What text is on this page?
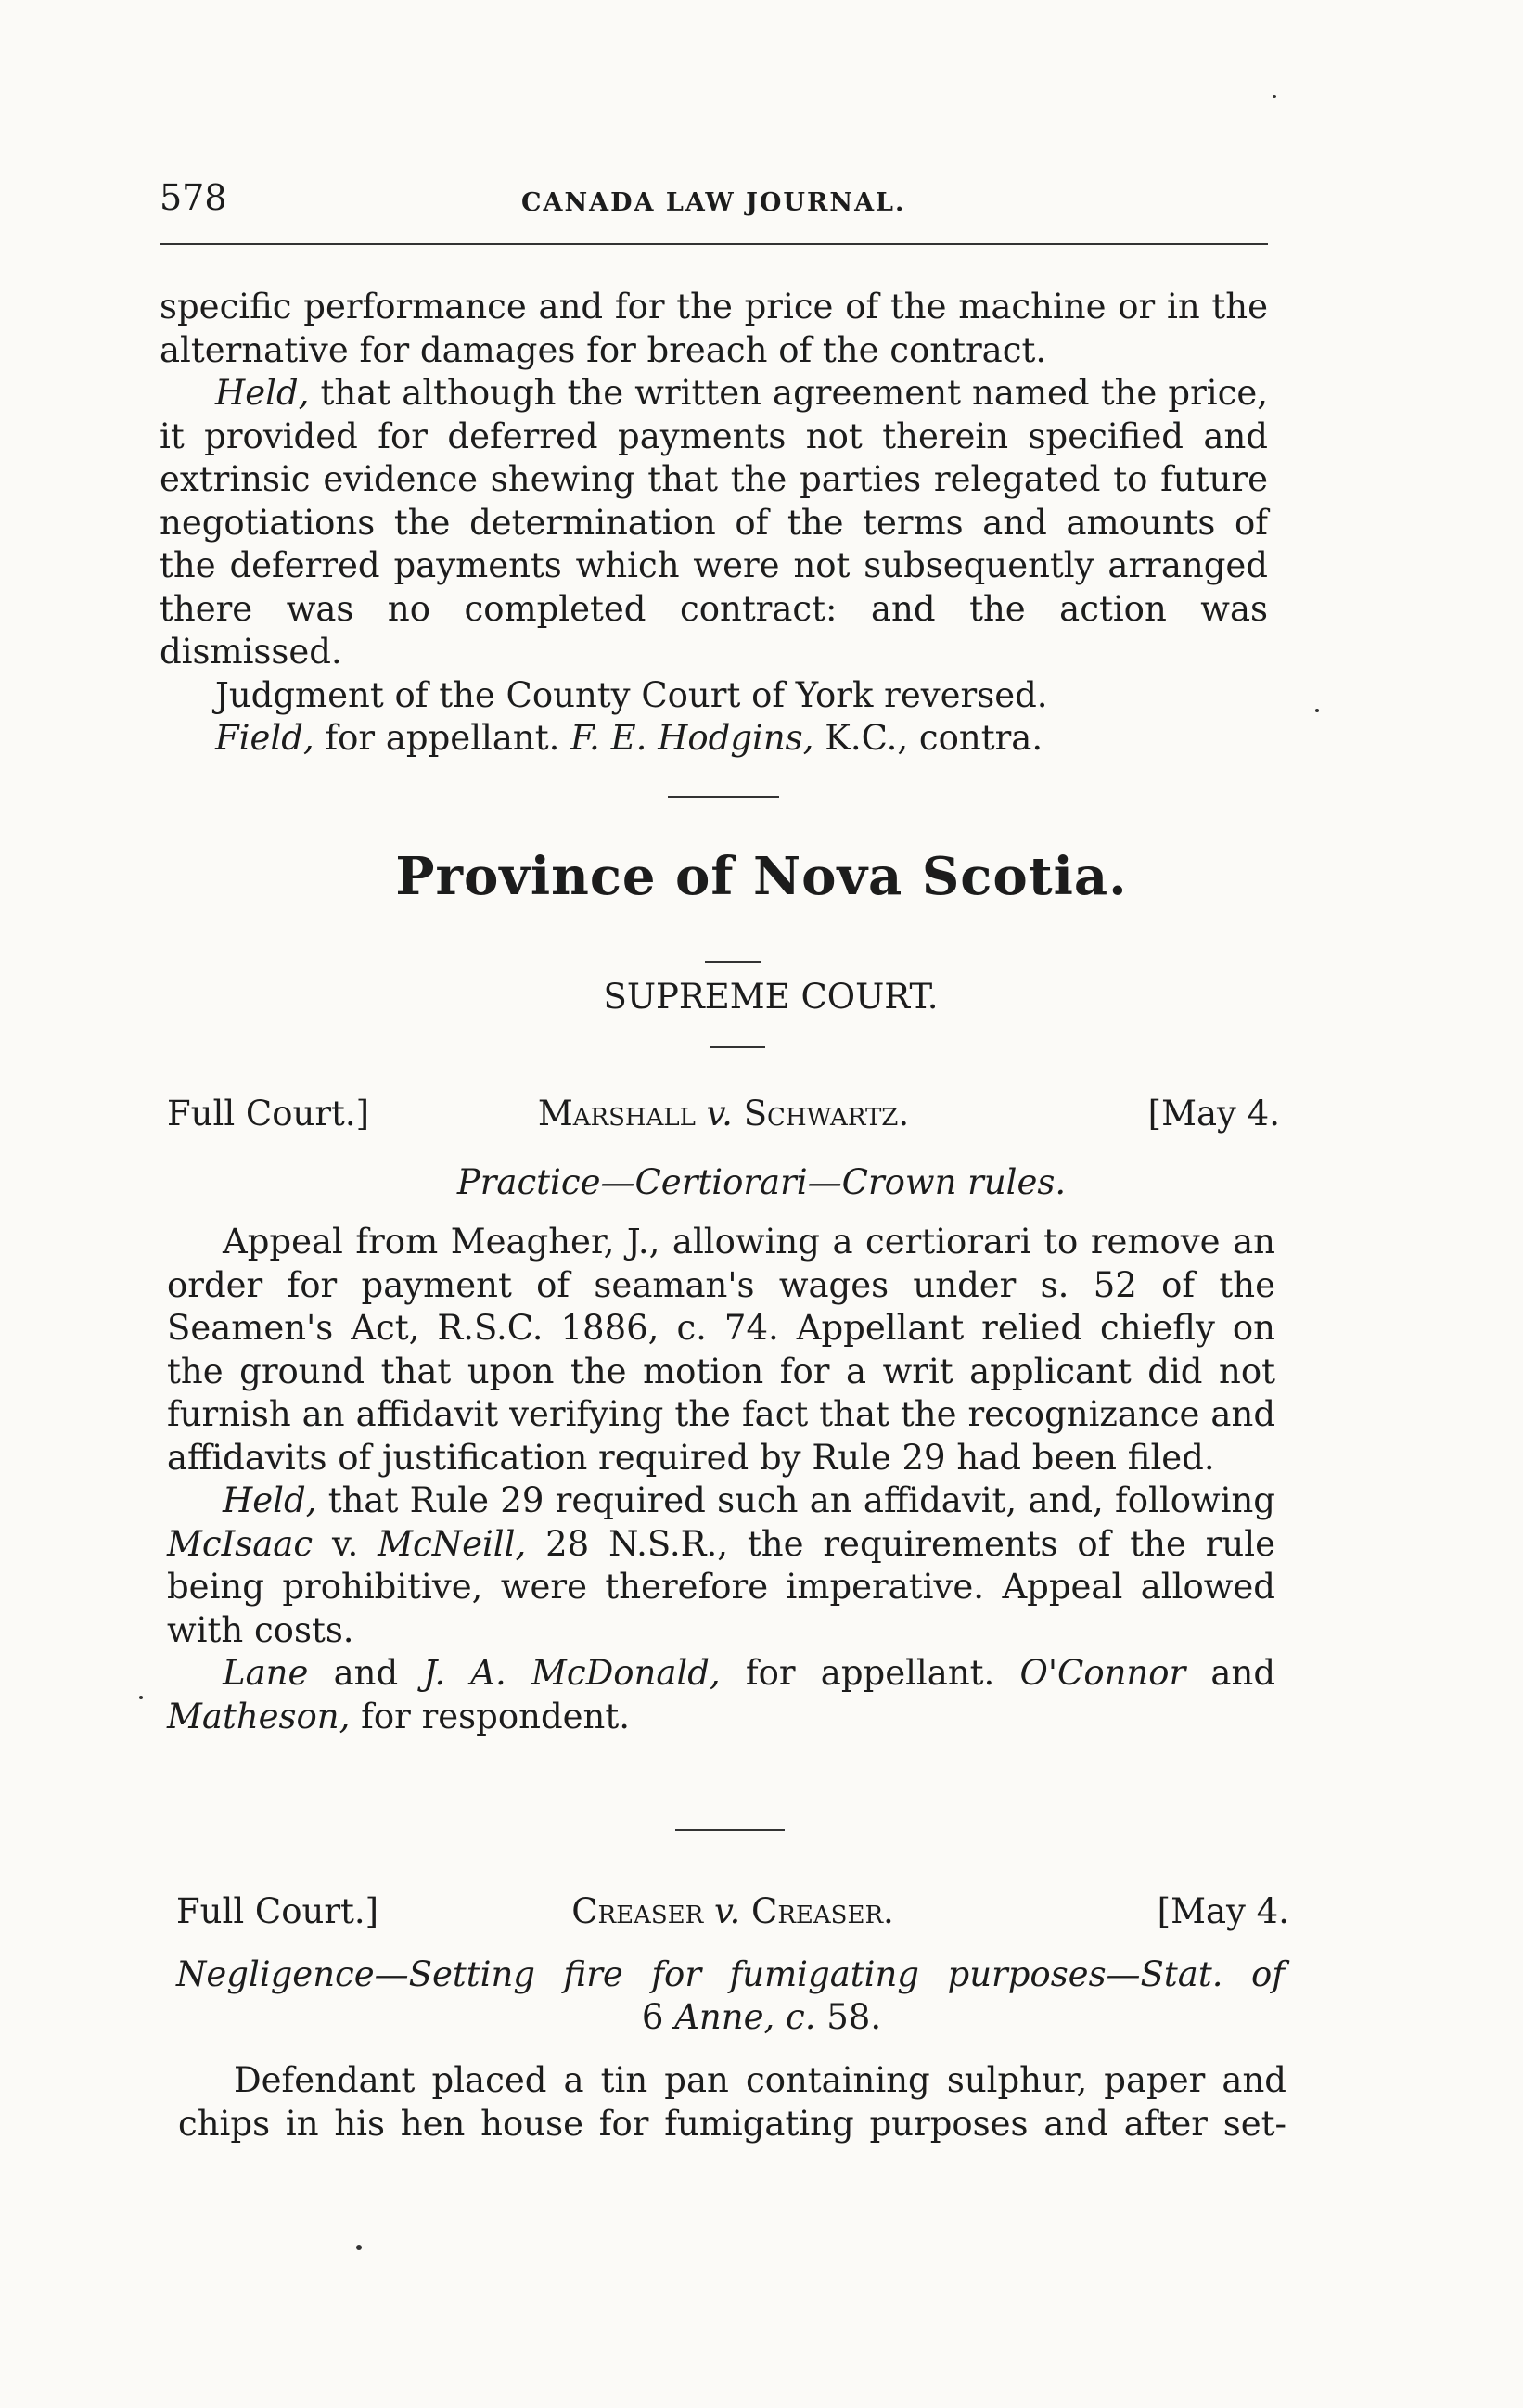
578	CANADA LAW JOURNAL.

specific performance and for the price of the machine or in the alternative for damages for breach of the contract.

Held, that although the written agreement named the price, it provided for deferred payments not therein specified and extrinsic evidence shewing that the parties relegated to future negotiations the determination of the terms and amounts of the deferred payments which were not subsequently arranged there was no completed contract: and the action was dismissed.

Judgment of the County Court of York reversed.

Field, for appellant. F. E. Hodgins, K.C., contra.

Province of Nova Scotia.
SUPREME COURT.
Full Court.]	Marshall v. Schwartz.	[May 4.
Practice—Certiorari—Crown rules.

Appeal from Meagher, J., allowing a certiorari to remove an order for payment of seaman's wages under s. 52 of the Seamen's Act, R.S.C. 1886, c. 74. Appellant relied chiefly on the ground that upon the motion for a writ applicant did not furnish an affidavit verifying the fact that the recognizance and affidavits of justification required by Rule 29 had been filed.

Held, that Rule 29 required such an affidavit, and, following McIsaac v. McNeill, 28 N.S.R., the requirements of the rule being prohibitive, were therefore imperative. Appeal allowed with costs.

Lane and J. A. McDonald, for appellant. O'Connor and Matheson, for respondent.

Full Court.]	Creaser v. Creaser.	[May 4.
Negligence—Setting fire for fumigating purposes—Stat. of
6 Anne, c. 58.

Defendant placed a tin pan containing sulphur, paper and chips in his hen house for fumigating purposes and after set-
